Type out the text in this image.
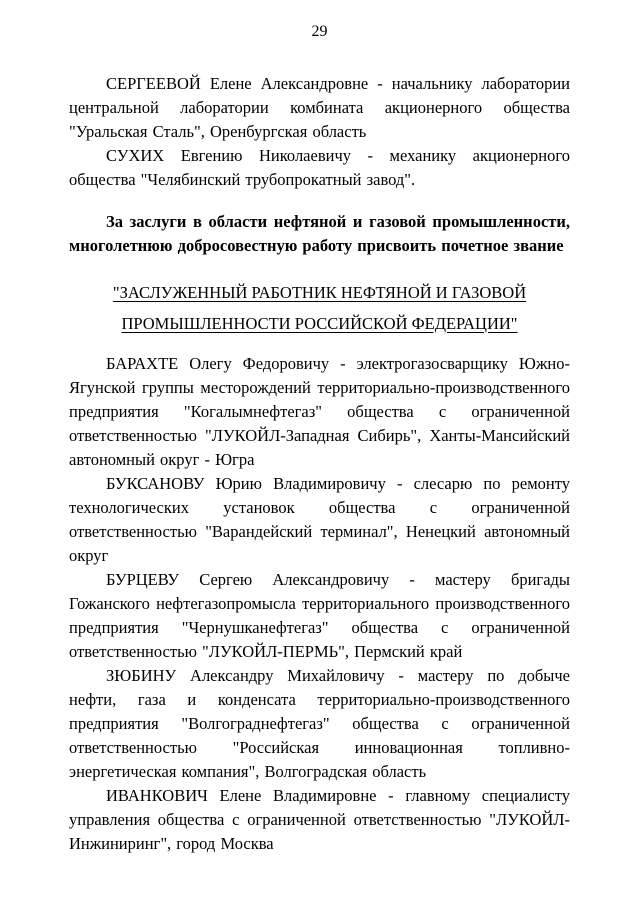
29

СЕРГЕЕВОЙ Елене Александровне - начальнику лаборатории центральной лаборатории комбината акционерного общества "Уральская Сталь", Оренбургская область

СУХИХ Евгению Николаевичу - механику акционерного общества "Челябинский трубопрокатный завод".

За заслуги в области нефтяной и газовой промышленности, многолетнюю добросовестную работу присвоить почетное звание

"ЗАСЛУЖЕННЫЙ РАБОТНИК НЕФТЯНОЙ И ГАЗОВОЙ ПРОМЫШЛЕННОСТИ РОССИЙСКОЙ ФЕДЕРАЦИИ"

БАРАХТЕ Олегу Федоровичу - электрогазосварщику Южно-Ягунской группы месторождений территориально-производственного предприятия "Когалымнефтегаз" общества с ограниченной ответственностью "ЛУКОЙЛ-Западная Сибирь", Ханты-Мансийский автономный округ - Югра

БУКСАНОВУ Юрию Владимировичу - слесарю по ремонту технологических установок общества с ограниченной ответственностью "Варандейский терминал", Ненецкий автономный округ

БУРЦЕВУ Сергею Александровичу - мастеру бригады Гожанского нефтегазопромысла территориального производственного предприятия "Чернушканефтегаз" общества с ограниченной ответственностью "ЛУКОЙЛ-ПЕРМЬ", Пермский край

ЗЮБИНУ Александру Михайловичу - мастеру по добыче нефти, газа и конденсата территориально-производственного предприятия "Волгограднефтегаз" общества с ограниченной ответственностью "Российская инновационная топливно-энергетическая компания", Волгоградская область

ИВАНКОВИЧ Елене Владимировне - главному специалисту управления общества с ограниченной ответственностью "ЛУКОЙЛ-Инжиниринг", город Москва
